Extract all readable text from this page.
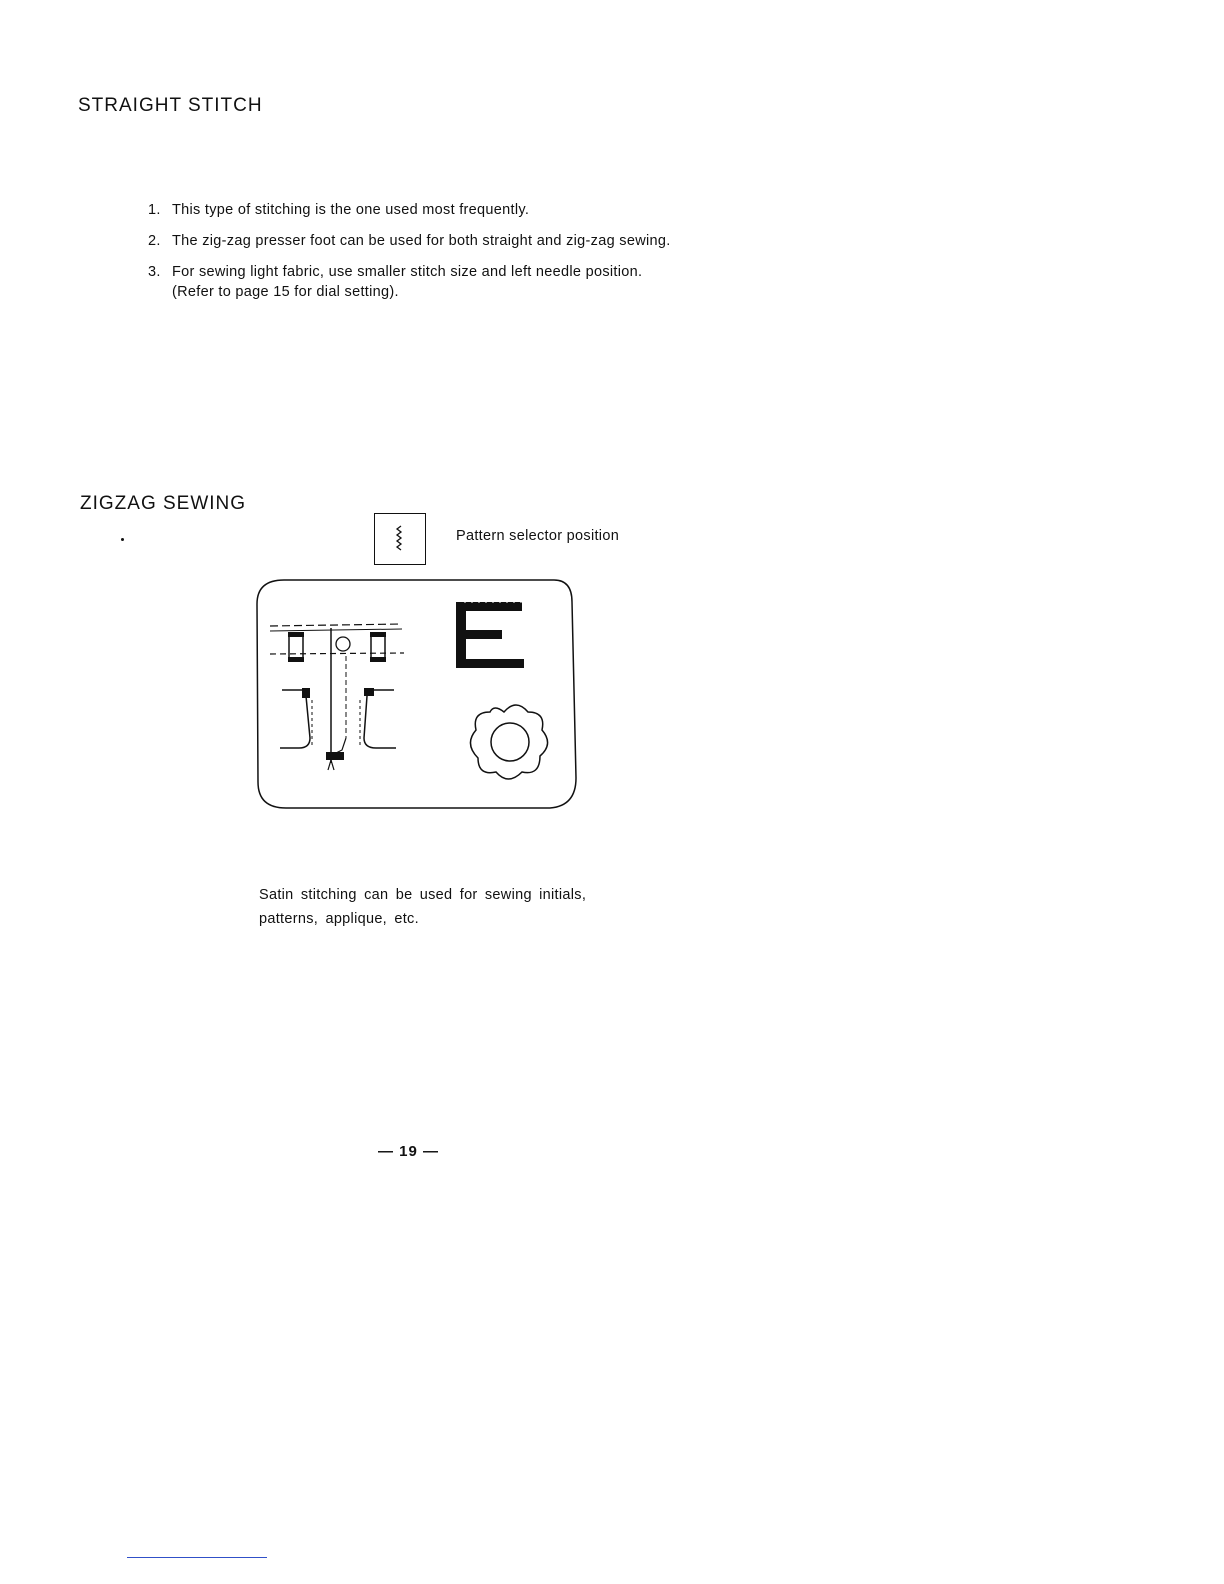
STRAIGHT STITCH
1. This type of stitching is the one used most frequently.
2. The zig-zag presser foot can be used for both straight and zig-zag sewing.
3. For sewing light fabric, use smaller stitch size and left needle position.
(Refer to page 15 for dial setting).
ZIGZAG SEWING
Pattern selector position
Satin stitching can be used for sewing initials,
patterns, applique, etc.
— 19 —
